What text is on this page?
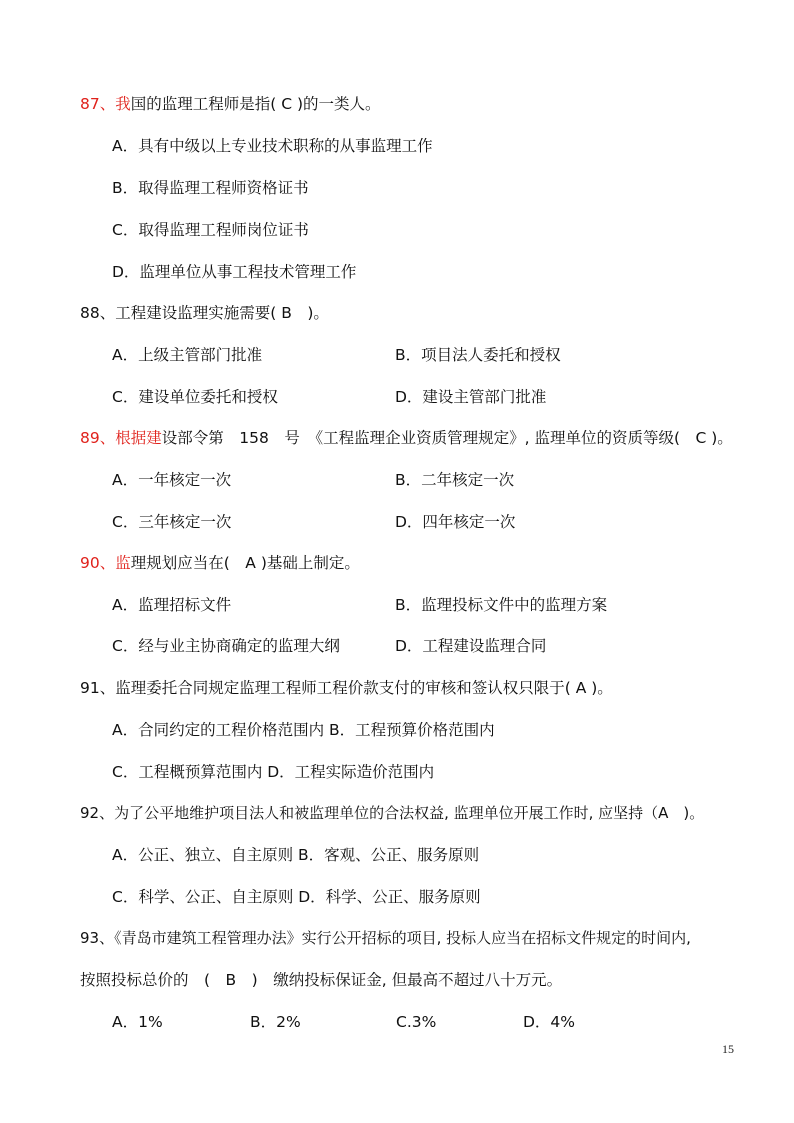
87、我国的监理工程师是指( C )的一类人。
A．具有中级以上专业技术职称的从事监理工作
B．取得监理工程师资格证书
C．取得监理工程师岗位证书
D．监理单位从事工程技术管理工作
88、工程建设监理实施需要( B　)。
A．上级主管部门批准	B．项目法人委托和授权
C．建设单位委托和授权	D．建设主管部门批准
89、根据建设部令第　158　号　《工程监理企业资质管理规定》, 监理单位的资质等级(　C )。
A．一年核定一次	B．二年核定一次
C．三年核定一次	D．四年核定一次
90、监理规划应当在(　A )基础上制定。
A．监理招标文件	B．监理投标文件中的监理方案
C．经与业主协商确定的监理大纲	D．工程建设监理合同
91、监理委托合同规定监理工程师工程价款支付的审核和签认权只限于( A )。
A．合同约定的工程价格范围内 B．工程预算价格范围内
C．工程概预算范围内 D．工程实际造价范围内
92、为了公平地维护项目法人和被监理单位的合法权益, 监理单位开展工作时, 应坚持（A　)。
A．公正、独立、自主原则 B．客观、公正、服务原则
C．科学、公正、自主原则 D．科学、公正、服务原则
93、《青岛市建筑工程管理办法》实行公开招标的项目, 投标人应当在招标文件规定的时间内,
按照投标总价的　(　B　)　缴纳投标保证金, 但最高不超过八十万元。
A．1%	B．2%	C.3%	D．4%
15
